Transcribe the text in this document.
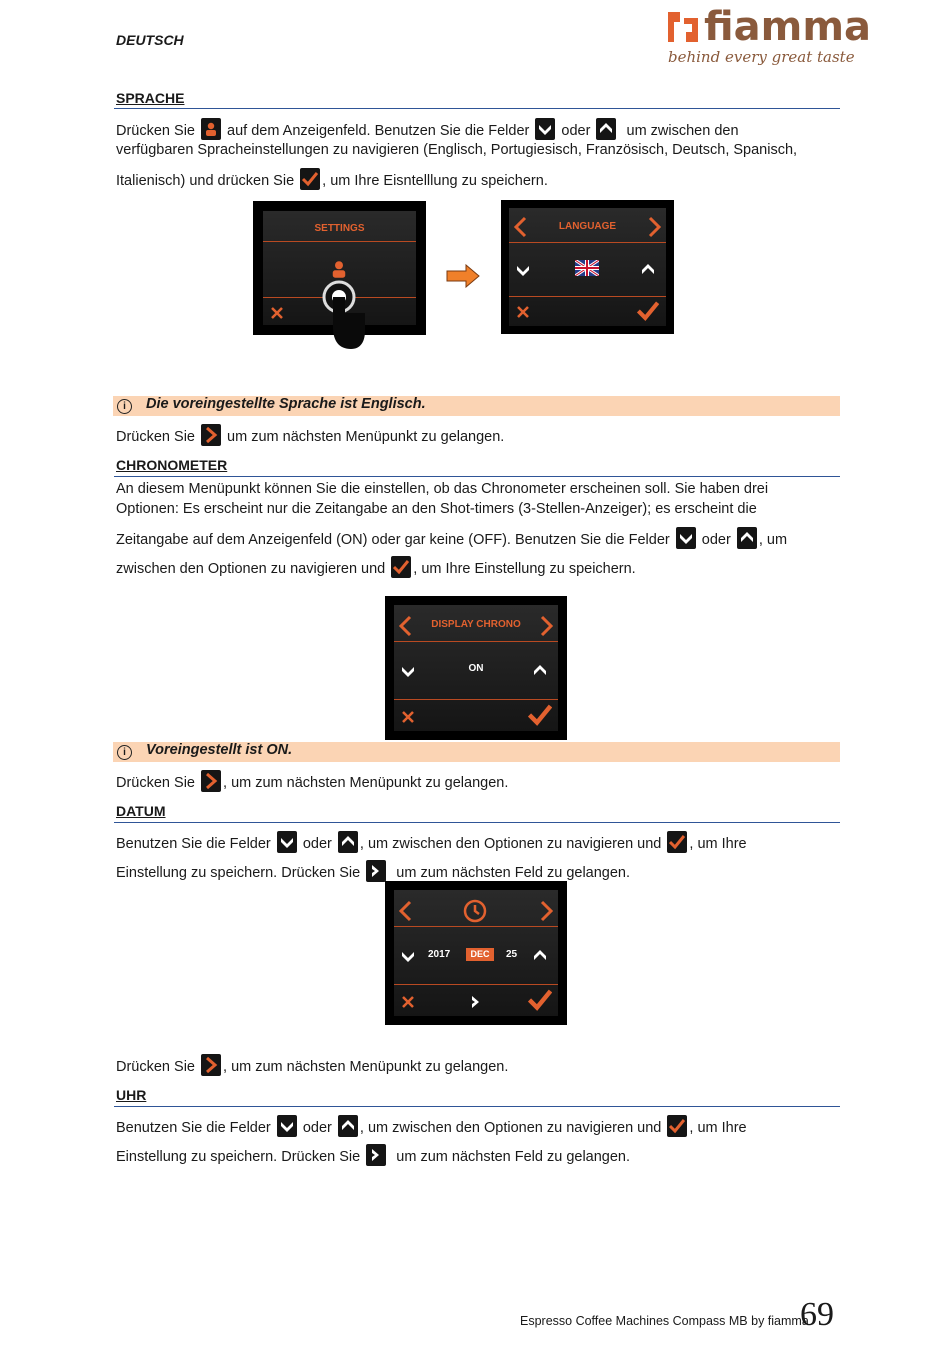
DEUTSCH	fiamma
behind every great taste
SPRACHE
Drücken Sie auf dem Anzeigenfeld. Benutzen Sie die Felder oder um zwischen den
verfügbaren Spracheinstellungen zu navigieren (Englisch, Portugiesisch, Französisch, Deutsch, Spanisch,
Italienisch) und drücken Sie , um Ihre Eisntelllung zu speichern.
SETTINGS	LANGUAGE
i Die voreingestellte Sprache ist Englisch.
Drücken Sie um zum nächsten Menüpunkt zu gelangen.
CHRONOMETER
An diesem Menüpunkt können Sie die einstellen, ob das Chronometer erscheinen soll. Sie haben drei
Optionen: Es erscheint nur die Zeitangabe an den Shot-timers (3-Stellen-Anzeiger); es erscheint die
Zeitangabe auf dem Anzeigenfeld (ON) oder gar keine (OFF). Benutzen Sie die Felder oder , um
zwischen den Optionen zu navigieren und , um Ihre Einstellung zu speichern.
DISPLAY CHRONO
ON
i Voreingestellt ist ON.
Drücken Sie , um zum nächsten Menüpunkt zu gelangen.
DATUM
Benutzen Sie die Felder oder , um zwischen den Optionen zu navigieren und , um Ihre
Einstellung zu speichern. Drücken Sie um zum nächsten Feld zu gelangen.
2017	DEC	25
Drücken Sie , um zum nächsten Menüpunkt zu gelangen.
UHR
Benutzen Sie die Felder oder , um zwischen den Optionen zu navigieren und , um Ihre
Einstellung zu speichern. Drücken Sie um zum nächsten Feld zu gelangen.
Espresso Coffee Machines Compass MB by fiamma
69
